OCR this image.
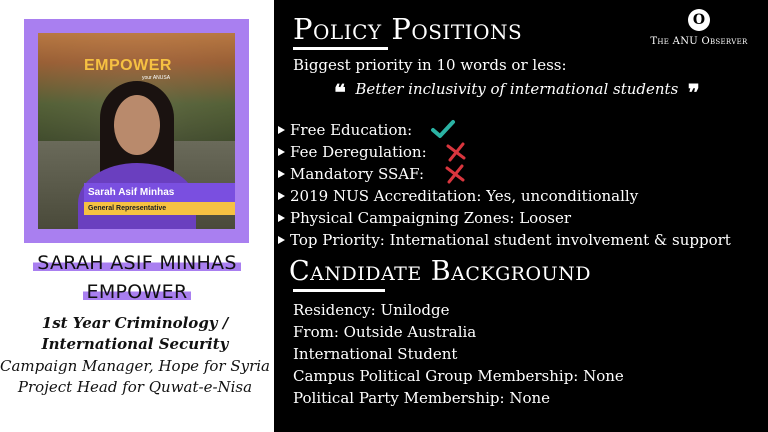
EMPOWER
your ANUSA
Sarah Asif Minhas
General Representative
SARAH ASIF MINHAS
EMPOWER
1st Year Criminology /
International Security
Campaign Manager, Hope for Syria
Project Head for Quwat-e-Nisa
Policy Positions	O
The ANU Observer
Biggest priority in 10 words or less:
❝ Better inclusivity of international students ❞
Free Education:
Fee Deregulation:
Mandatory SSAF:
2019 NUS Accreditation: Yes, unconditionally
Physical Campaigning Zones: Looser
Top Priority: International student involvement & support
Candidate Background
Residency: Unilodge
From: Outside Australia
International Student
Campus Political Group Membership: None
Political Party Membership: None
